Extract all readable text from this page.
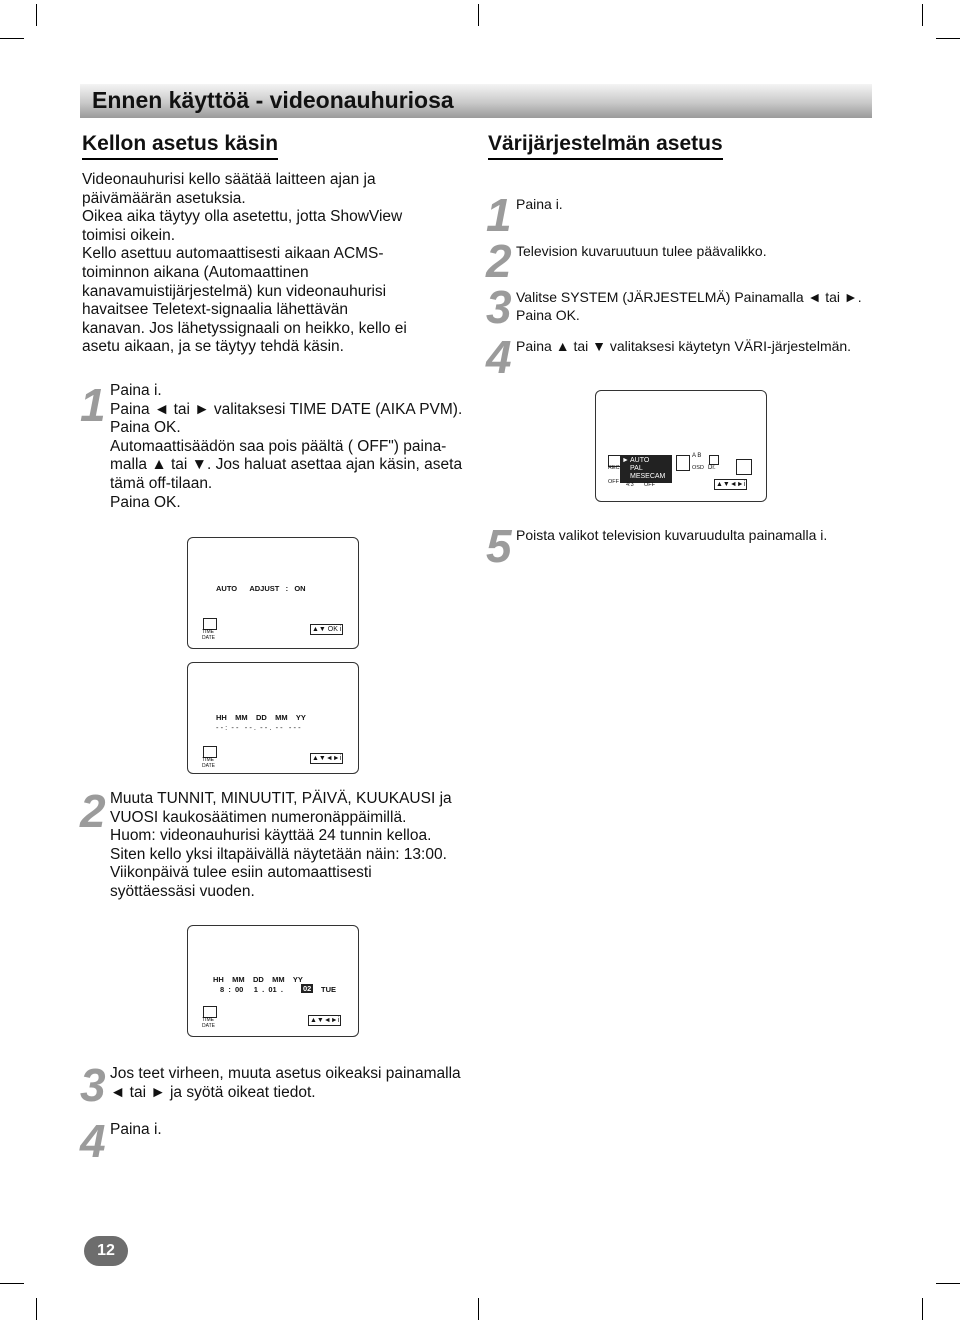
Ennen käyttöä - videonauhuriosa
Kellon asetus käsin
Videonauhurisi kello säätää laitteen ajan ja
päivämäärän asetuksia.
Oikea aika täytyy olla asetettu, jotta ShowView
toimisi oikein.
Kello asettuu automaattisesti aikaan ACMS-
toiminnon aikana (Automaattinen
kanavamuistijärjestelmä) kun videonauhurisi
havaitsee Teletext-signaalia lähettävän
kanavan. Jos lähetyssignaali on heikko, kello ei
asetu aikaan, ja se täytyy tehdä käsin.
1 Paina i.
Paina ◄ tai ► valitaksesi TIME DATE (AIKA PVM).
Paina OK.
Automaattisäädön saa pois päältä ( OFF") paina-
malla ▲ tai ▼. Jos haluat asettaa ajan käsin, aseta
tämä off-tilaan.
Paina OK.
AUTO      ADJUST   :   ON
TIME DATE
▲▼ OK i
HH    MM    DD    MM    YY
- - :  - -   - - .  - - .  - -   - - -
TIME DATE
▲▼◄►i
2 Muuta TUNNIT, MINUUTIT, PÄIVÄ, KUUKAUSI ja
VUOSI kaukosäätimen numeronäppäimillä.
Huom: videonauhurisi käyttää 24 tunnin kelloa.
Siten kello yksi iltapäivällä näytetään näin: 13:00.
Viikonpäivä tulee esiin automaattisesti
syöttäessäsi vuoden.
HH    MM    DD    MM    YY
8  :  00     1  .  01  .	02 TUE
TIME DATE
▲▼◄►i
3 Jos teet virheen, muuta asetus oikeaksi painamalla
◄ tai ► ja syötä oikeat tiedot.
4 Paina i.
Värijärjestelmän asetus
1 Paina i.
2 Television kuvaruutuun tulee päävalikko.
3 Valitse SYSTEM (JÄRJESTELMÄ) Painamalla ◄ tai ►.
Paina OK.
4 Paina ▲ tai ▼ valitaksesi käytetyn VÄRI-järjestelmän.
REC
OFF
► AUTO
PAL
MESECAM
4:3 OFF
A B
OSD Dr.
▲▼◄►i
5 Poista valikot television kuvaruudulta painamalla i.
12
